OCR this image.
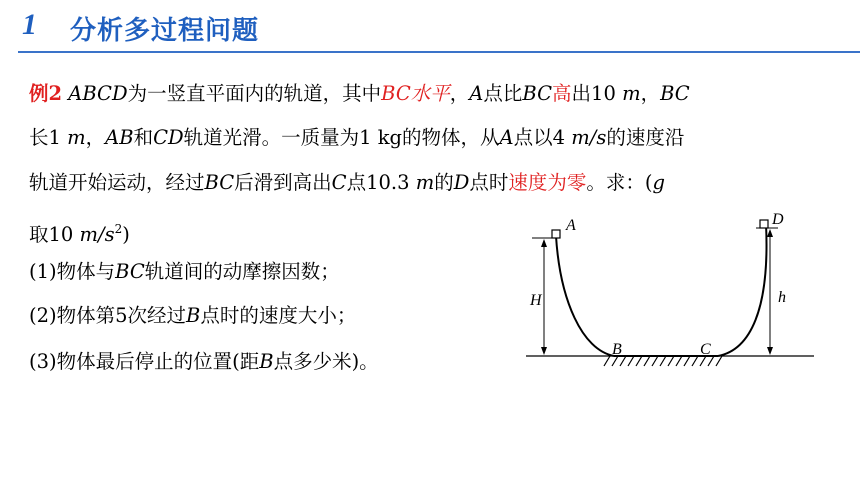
1 分析多过程问题
例2 ABCD为一竖直平面内的轨道，其中BC水平，A点比BC高出10 m，BC
长1 m，AB和CD轨道光滑。一质量为1 kg的物体，从A点以4 m/s的速度沿
轨道开始运动，经过BC后滑到高出C点10.3 m的D点时速度为零。求：(g
取10 $m/s^2$)
(1)物体与BC轨道间的动摩擦因数；
(2)物体第5次经过B点时的速度大小；
(3)物体最后停止的位置(距B点多少米)。
A	D
B	C
H	h
